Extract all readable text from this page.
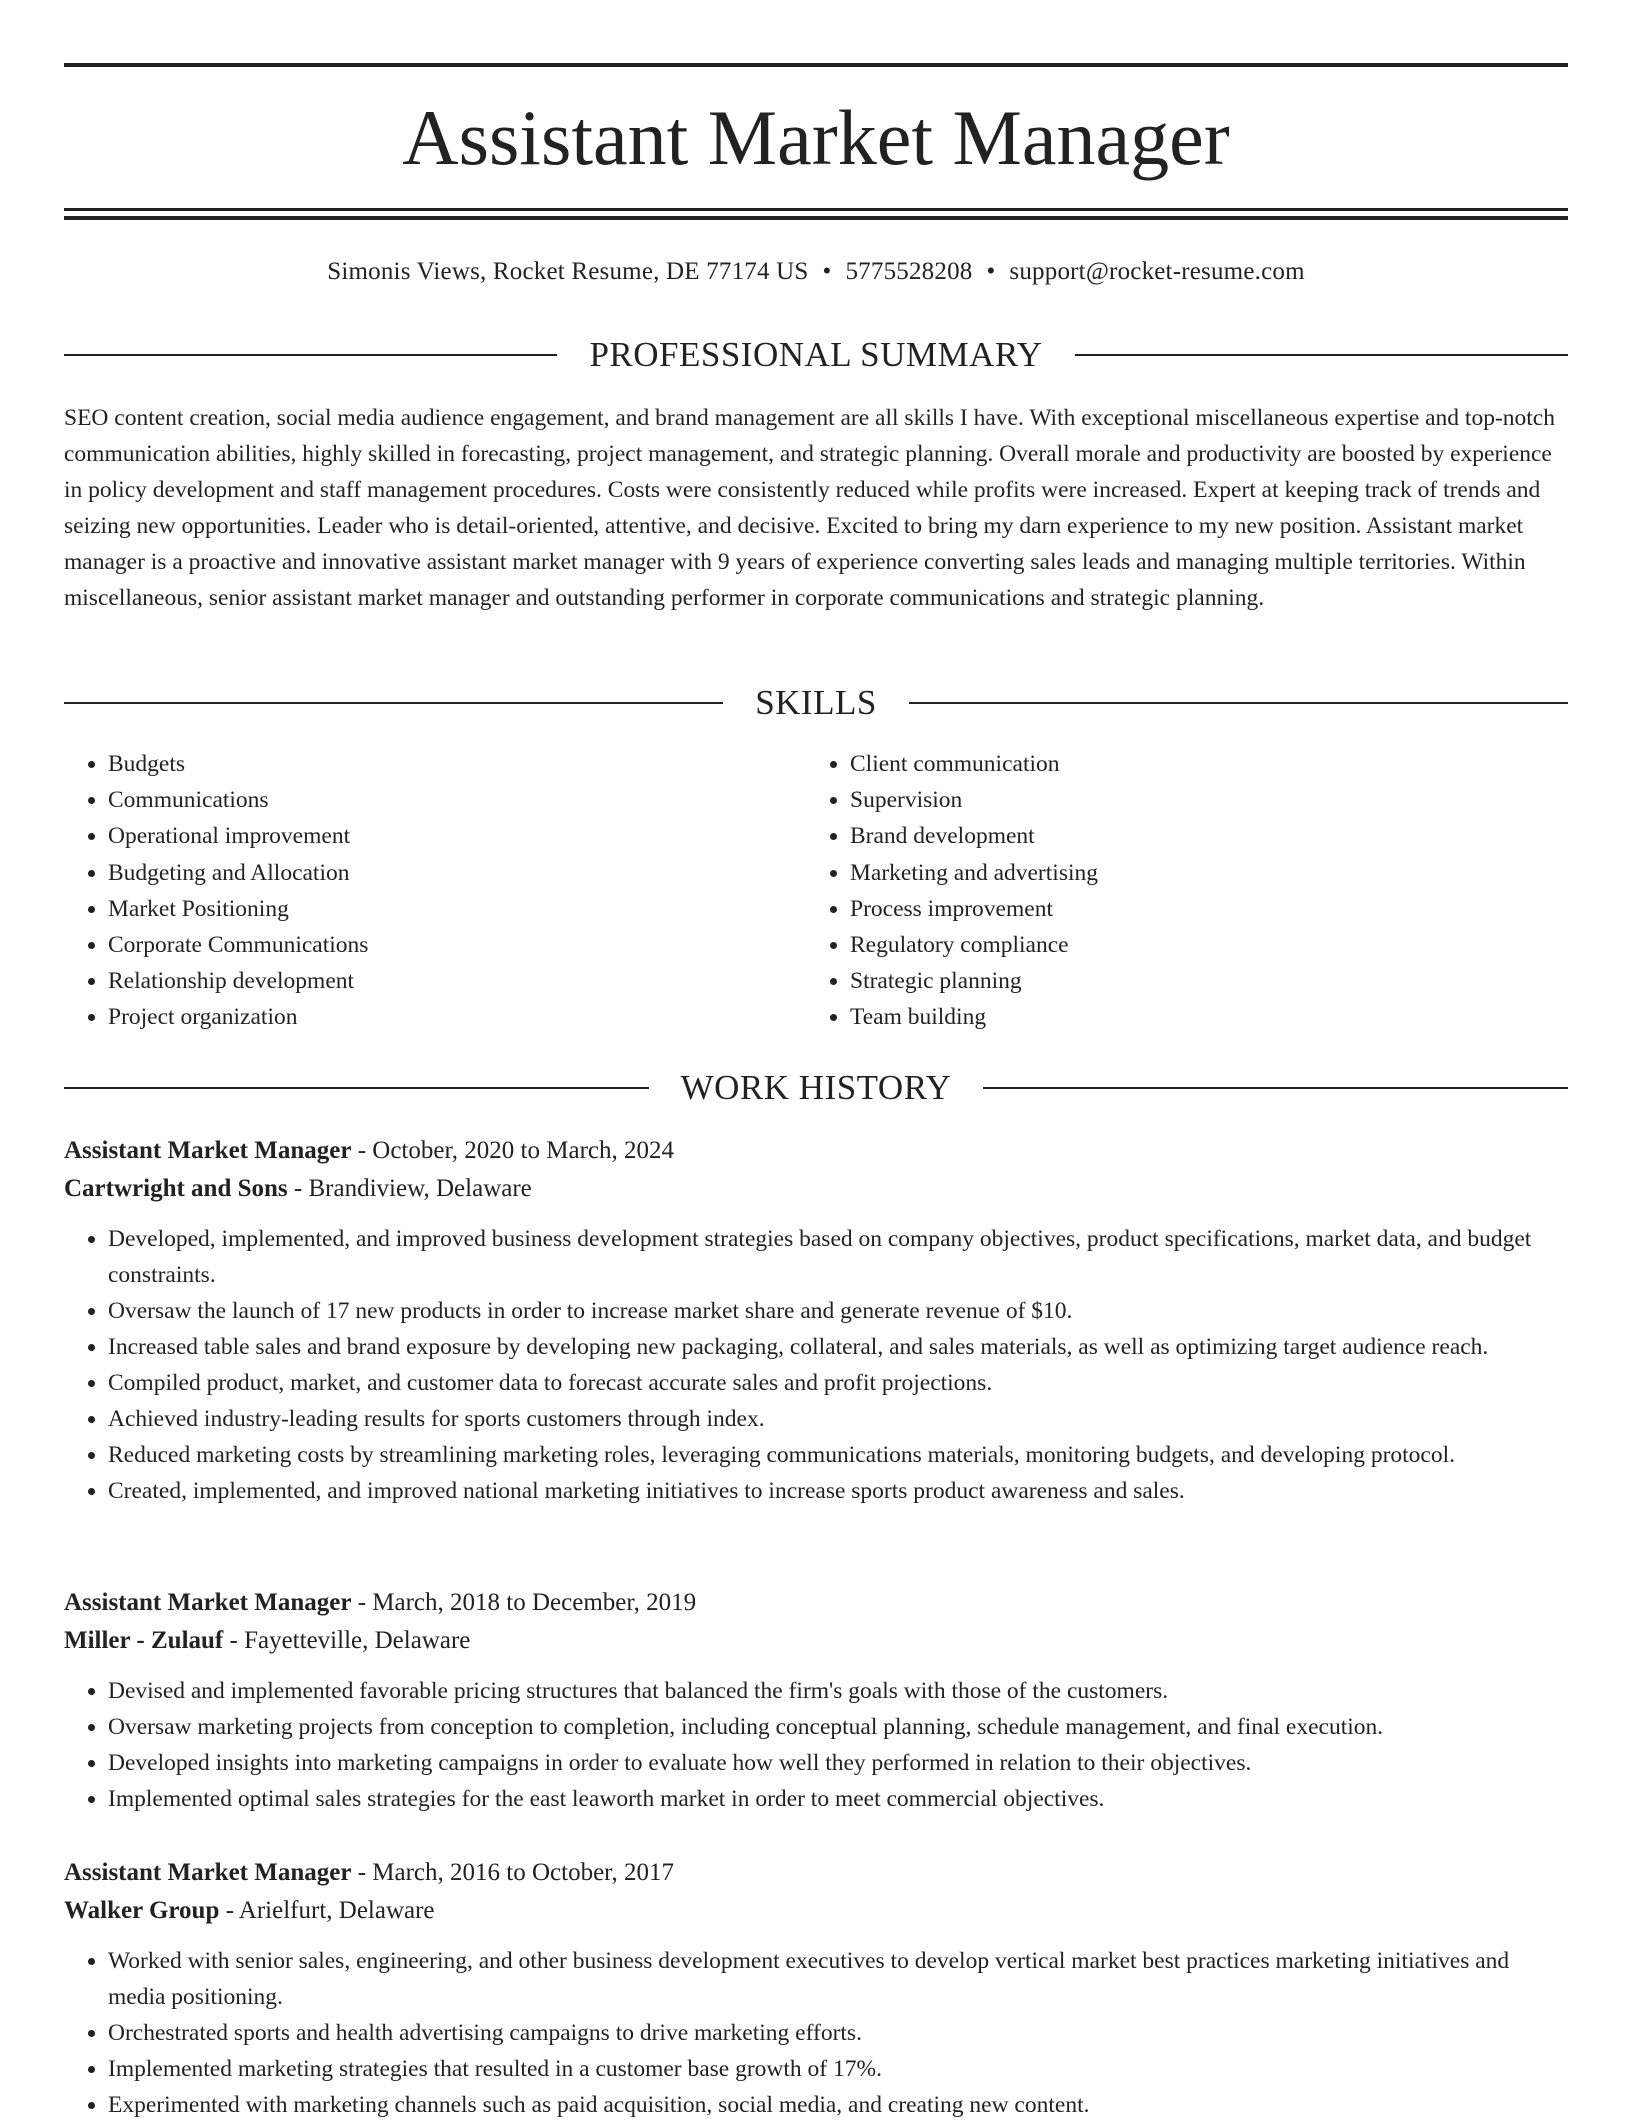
Assistant Market Manager
Simonis Views, Rocket Resume, DE 77174 US • 5775528208 • support@rocket-resume.com
PROFESSIONAL SUMMARY

SEO content creation, social media audience engagement, and brand management are all skills I have. With exceptional miscellaneous expertise and top-notch communication abilities, highly skilled in forecasting, project management, and strategic planning. Overall morale and productivity are boosted by experience in policy development and staff management procedures. Costs were consistently reduced while profits were increased. Expert at keeping track of trends and seizing new opportunities. Leader who is detail-oriented, attentive, and decisive. Excited to bring my darn experience to my new position. Assistant market manager is a proactive and innovative assistant market manager with 9 years of experience converting sales leads and managing multiple territories. Within miscellaneous, senior assistant market manager and outstanding performer in corporate communications and strategic planning.

SKILLS
• Budgets
• Communications
• Operational improvement
• Budgeting and Allocation
• Market Positioning
• Corporate Communications
• Relationship development
• Project organization
• Client communication
• Supervision
• Brand development
• Marketing and advertising
• Process improvement
• Regulatory compliance
• Strategic planning
• Team building
WORK HISTORY

Assistant Market Manager - October, 2020 to March, 2024

Cartwright and Sons - Brandiview, Delaware

• Developed, implemented, and improved business development strategies based on company objectives, product specifications, market data, and budget constraints.
• Oversaw the launch of 17 new products in order to increase market share and generate revenue of $10.
• Increased table sales and brand exposure by developing new packaging, collateral, and sales materials, as well as optimizing target audience reach.
• Compiled product, market, and customer data to forecast accurate sales and profit projections.
• Achieved industry-leading results for sports customers through index.
• Reduced marketing costs by streamlining marketing roles, leveraging communications materials, monitoring budgets, and developing protocol.
• Created, implemented, and improved national marketing initiatives to increase sports product awareness and sales.

Assistant Market Manager - March, 2018 to December, 2019

Miller - Zulauf - Fayetteville, Delaware

• Devised and implemented favorable pricing structures that balanced the firm's goals with those of the customers.
• Oversaw marketing projects from conception to completion, including conceptual planning, schedule management, and final execution.
• Developed insights into marketing campaigns in order to evaluate how well they performed in relation to their objectives.
• Implemented optimal sales strategies for the east leaworth market in order to meet commercial objectives.

Assistant Market Manager - March, 2016 to October, 2017

Walker Group - Arielfurt, Delaware

• Worked with senior sales, engineering, and other business development executives to develop vertical market best practices marketing initiatives and media positioning.
• Orchestrated sports and health advertising campaigns to drive marketing efforts.
• Implemented marketing strategies that resulted in a customer base growth of 17%.
• Experimented with marketing channels such as paid acquisition, social media, and creating new content.
